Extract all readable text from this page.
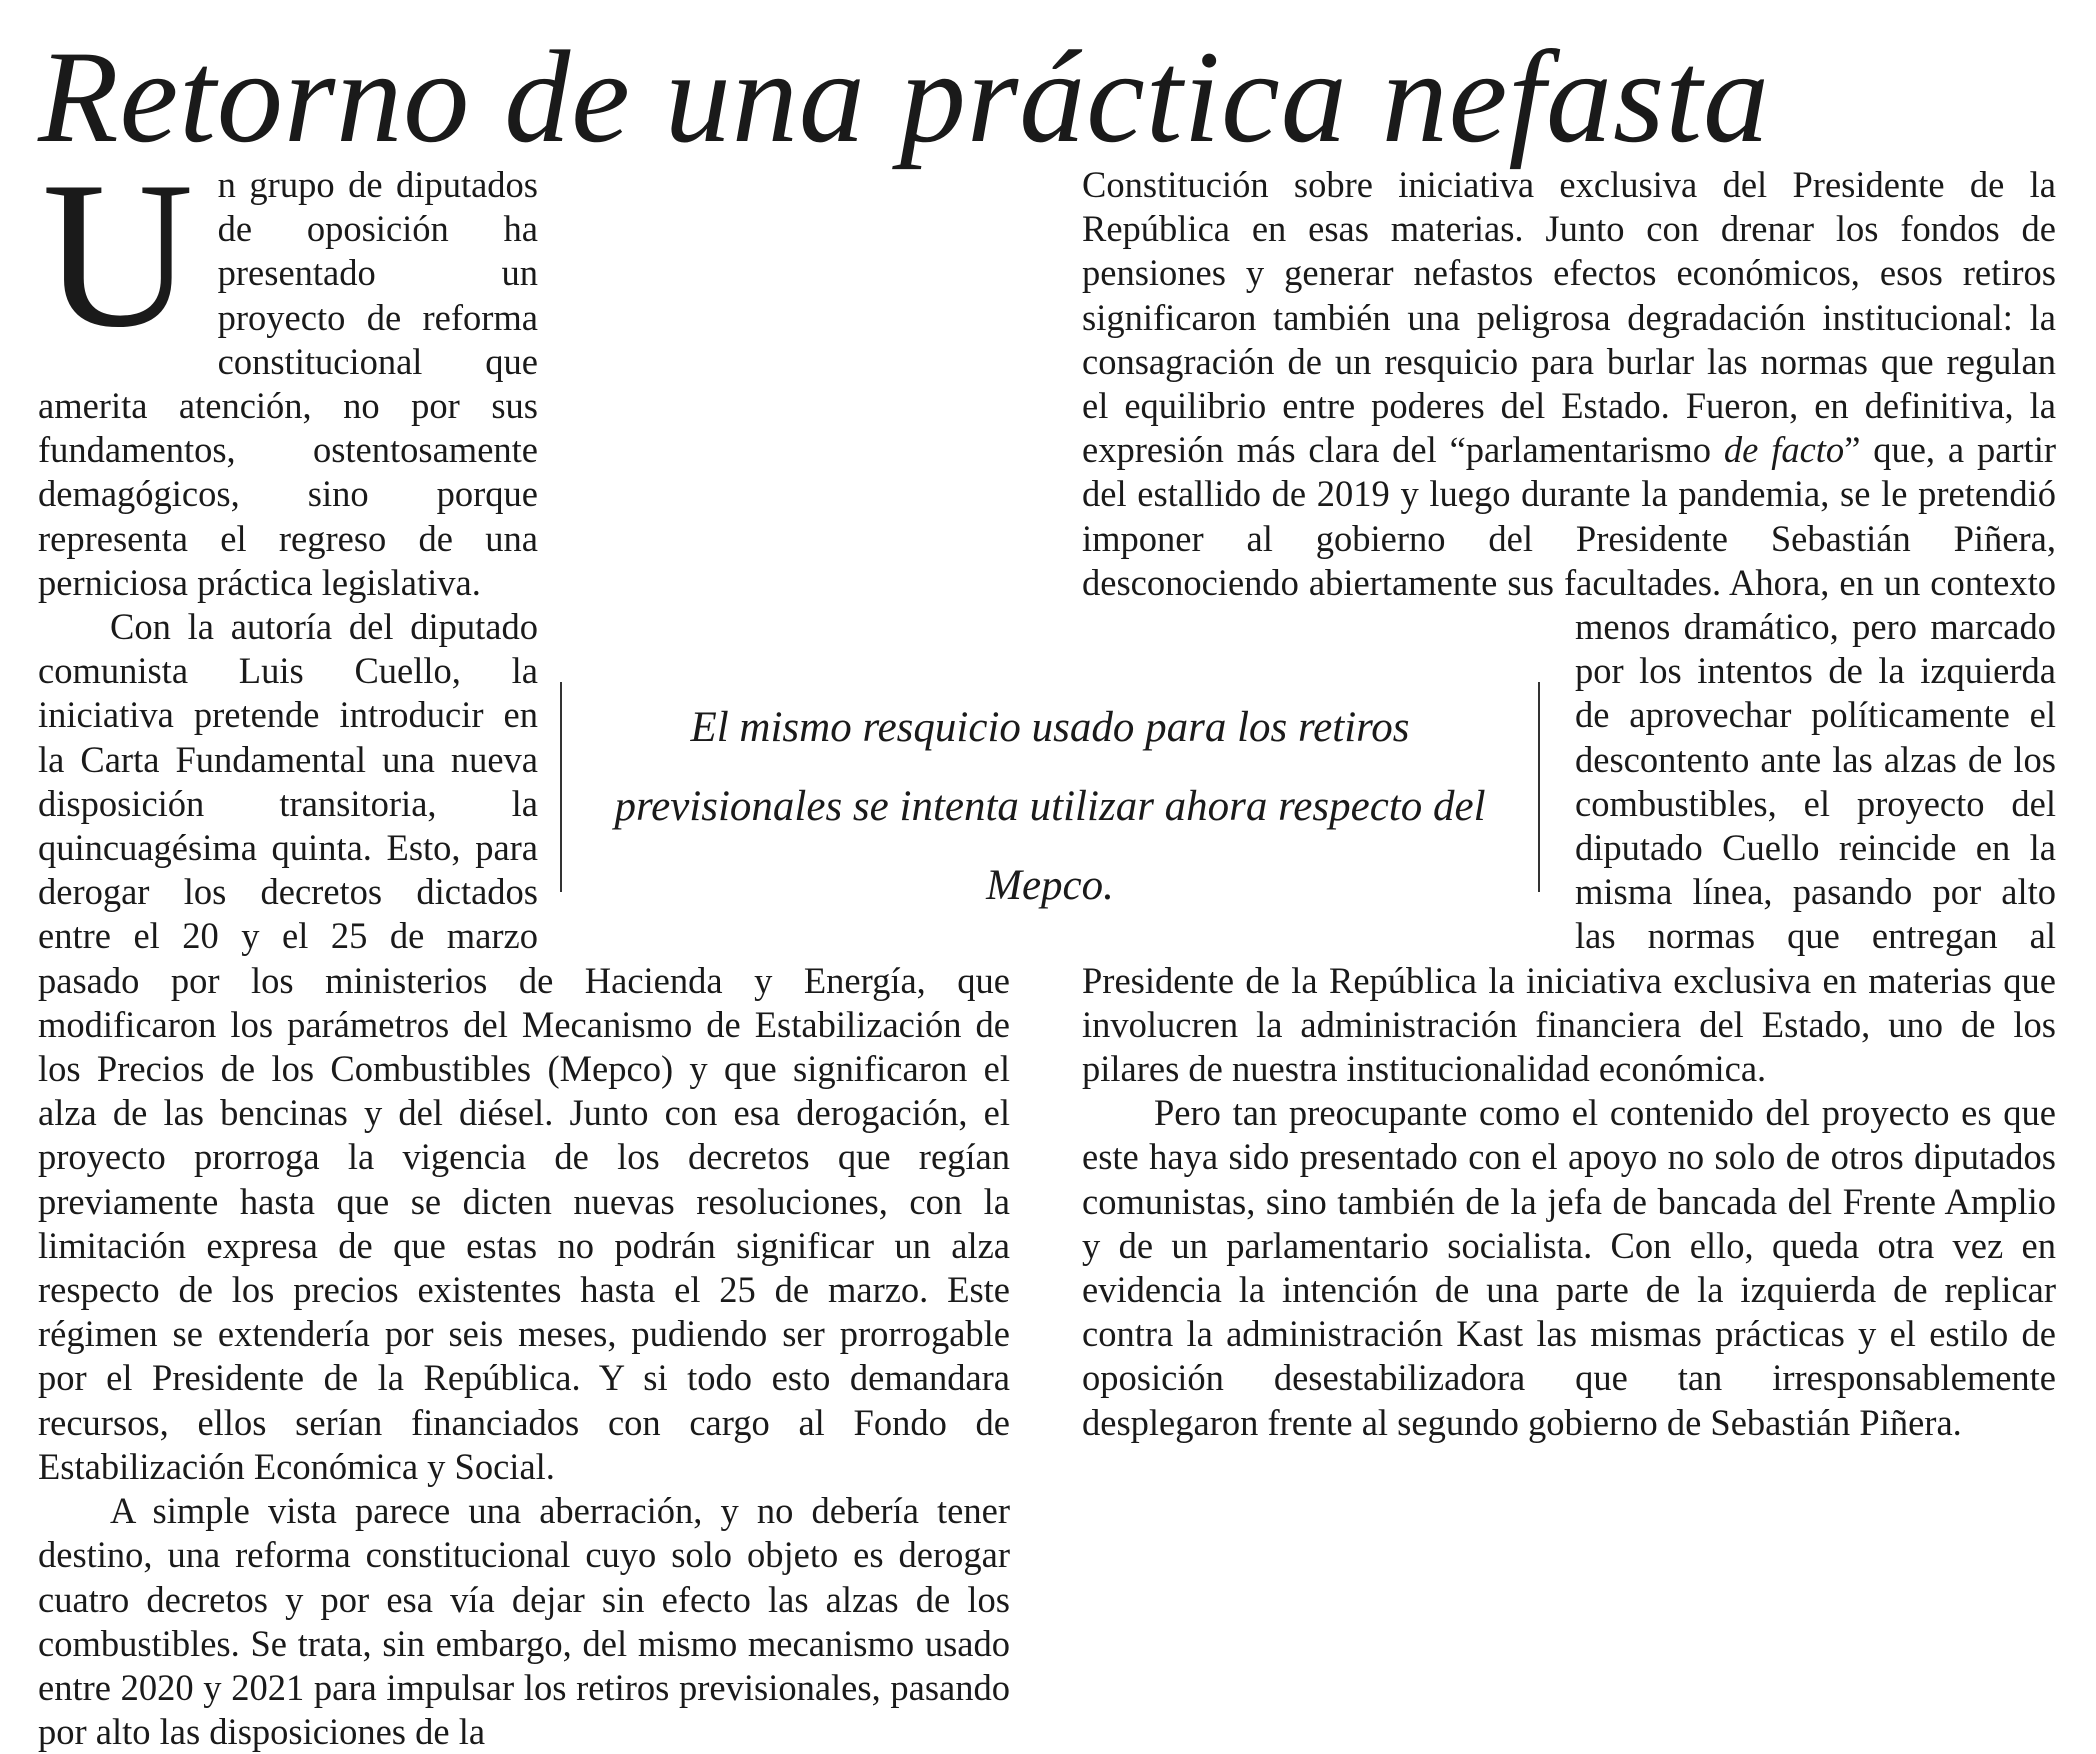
Retorno de una práctica nefasta
U n grupo de diputados de oposición ha presentado un proyecto de reforma constitucional que amerita atención, no por sus fundamentos, ostentosamente demagógicos, sino porque representa el regreso de una perniciosa práctica legislativa.

Con la autoría del diputado comunista Luis Cuello, la iniciativa pretende introducir en la Carta Fundamental una nueva disposición transitoria, la quincuagésima quinta. Esto, para derogar los decretos dictados entre el 20 y el 25 de marzo pasado por los ministerios de Hacienda y Energía, que modificaron los parámetros del Mecanismo de Estabilización de los Precios de los Combustibles (Mepco) y que significaron el alza de las bencinas y del diésel. Junto con esa derogación, el proyecto prorroga la vigencia de los decretos que regían previamente hasta que se dicten nuevas resoluciones, con la limitación expresa de que estas no podrán significar un alza respecto de los precios existentes hasta el 25 de marzo. Este régimen se extendería por seis meses, pudiendo ser prorrogable por el Presidente de la República. Y si todo esto demandara recursos, ellos serían financiados con cargo al Fondo de Estabilización Económica y Social.

A simple vista parece una aberración, y no debería tener destino, una reforma constitucional cuyo solo objeto es derogar cuatro decretos y por esa vía dejar sin efecto las alzas de los combustibles. Se trata, sin embargo, del mismo mecanismo usado entre 2020 y 2021 para impulsar los retiros previsionales, pasando por alto las disposiciones de la

Constitución sobre iniciativa exclusiva del Presidente de la República en esas materias. Junto con drenar los fondos de pensiones y generar nefastos efectos económicos, esos retiros significaron también una peligrosa degradación institucional: la consagración de un resquicio para burlar las normas que regulan el equilibrio entre poderes del Estado. Fueron, en definitiva, la expresión más clara del “parlamentarismo de facto” que, a partir del estallido de 2019 y luego durante la pandemia, se le pretendió imponer al gobierno del Presidente Sebastián Piñera, desconociendo abiertamente sus facultades. Ahora, en un contexto menos dramático, pero marcado por los intentos de la izquierda de aprovechar políticamente el descontento ante las alzas de los combustibles, el proyecto del diputado Cuello reincide en la misma línea, pasando por alto las normas que entregan al Presidente de la República la iniciativa exclusiva en materias que involucren la administración financiera del Estado, uno de los pilares de nuestra institucionalidad económica.

Pero tan preocupante como el contenido del proyecto es que este haya sido presentado con el apoyo no solo de otros diputados comunistas, sino también de la jefa de bancada del Frente Amplio y de un parlamentario socialista. Con ello, queda otra vez en evidencia la intención de una parte de la izquierda de replicar contra la administración Kast las mismas prácticas y el estilo de oposición desestabilizadora que tan irresponsablemente desplegaron frente al segundo gobierno de Sebastián Piñera.

El mismo resquicio usado para los retiros previsionales se intenta utilizar ahora respecto del Mepco.
